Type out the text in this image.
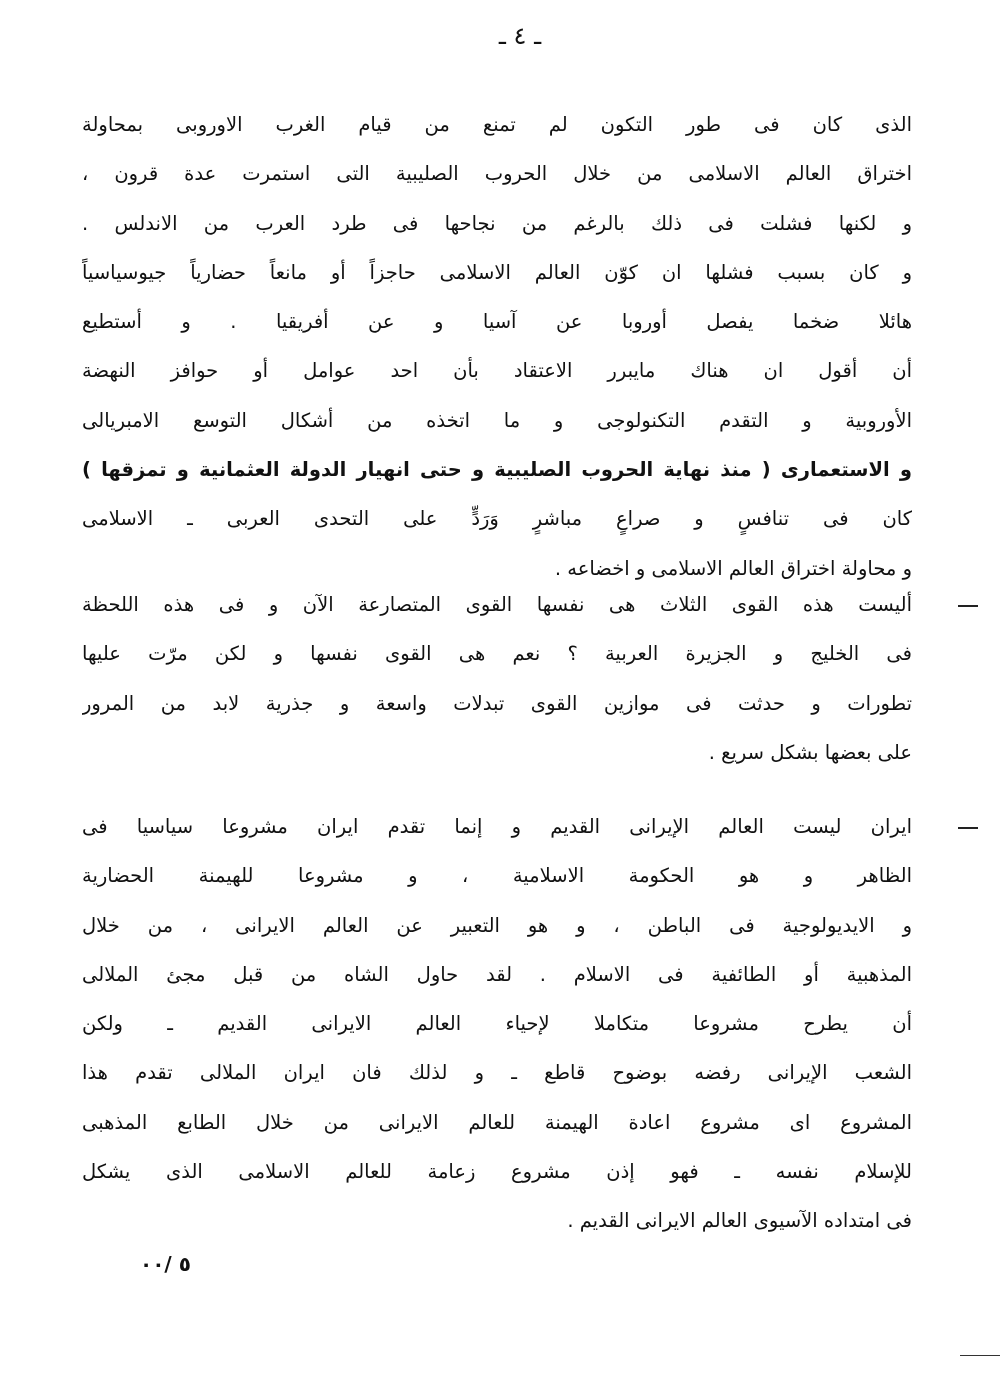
ـ ٤ ـ
الذى كان فى طور التكون لم تمنع من قيام الغرب الاوروبى بمحاولة
اختراق العالم الاسلامى من خلال الحروب الصليبية التى استمرت عدة قرون ،
و لكنها فشلت فى ذلك بالرغم من نجاحها فى طرد العرب من الاندلس .
و كان بسبب فشلها ان كوّن العالم الاسلامى حاجزاً أو مانعاً حضارياً جيوسياسياً
هائلا ضخما يفصل أوروبا عن آسيا و عن أفريقيا . و أستطيع
أن أقول ان هناك مايبرر الاعتقاد بأن احد عوامل أو حوافز النهضة
الأوروبية و التقدم التكنولوجى و ما اتخذه من أشكال التوسع الامبريالى
و الاستعمارى ( منذ نهاية الحروب الصليبية و حتى انهيار الدولة العثمانية و تمزقها )
كان فى تنافسٍ و صراعٍ مباشرٍ وَرَدٍّ على التحدى العربى ـ الاسلامى
و محاولة اختراق العالم الاسلامى و اخضاعه .
أليست هذه القوى الثلاث هى نفسها القوى المتصارعة الآن و فى هذه اللحظة
فى الخليج و الجزيرة العربية ؟ نعم هى القوى نفسها و لكن مرّت عليها
تطورات و حدثت فى موازين القوى تبدلات واسعة و جذرية لابد من المرور
على بعضها بشكل سريع .
ايران ليست العالم الإيرانى القديم و إنما تقدم ايران مشروعا سياسيا فى
الظاهر و هو الحكومة الاسلامية ، و مشروعا للهيمنة الحضارية
و الايديولوجية فى الباطن ، و هو التعبير عن العالم الايرانى ، من خلال
المذهبية أو الطائفية فى الاسلام . لقد حاول الشاه من قبل مجئ الملالى
أن يطرح مشروعا متكاملا لإحياء العالم الايرانى القديم ـ ولكن
الشعب الإيرانى رفضه بوضوح قاطع ـ و لذلك فان ايران الملالى تقدم هذا
المشروع اى مشروع اعادة الهيمنة للعالم الايرانى من خلال الطابع المذهبى
للإسلام نفسه ـ فهو إذن مشروع زعامة للعالم الاسلامى الذى يشكل
فى امتداده الآسيوى العالم الايرانى القديم .
٥ /٠٠
